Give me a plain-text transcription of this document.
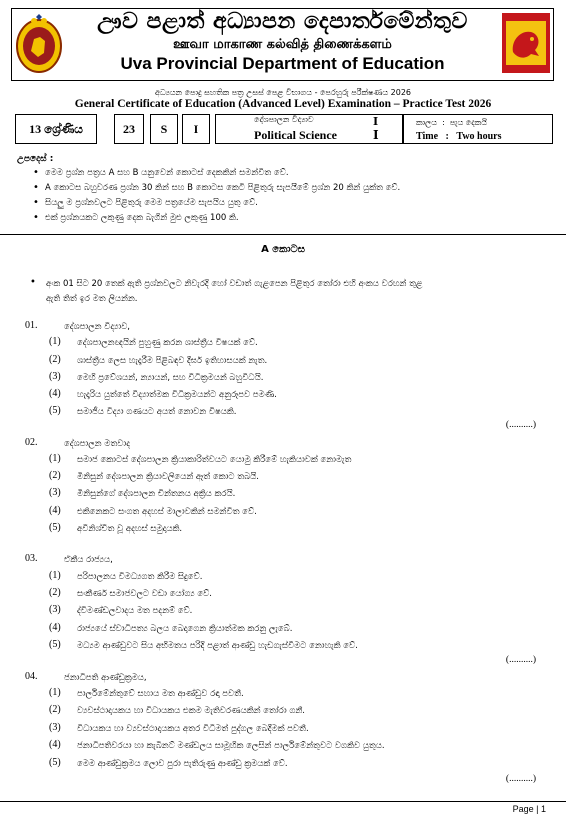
ඌව පළාත් අධ්‍යාපන දෙපාර්තමේන්තුව
ஊவா மாகாண கல்வித் திணைக்களம்
Uva Provincial Department of Education
අධ්‍යයන පොදු සහතික පත්‍ර උසස් පෙළ විභාගය - පෙරහුරු පරීක්ෂණය 2026
General Certificate of Education (Advanced Level) Examination – Practice Test 2026
13 ශ්‍රේණිය	23	S	I
දේශපාලන විද්‍යාව
Political Science
I
I
කාලය  :  පැය දෙකයි
Time   :   Two hours
උපදෙස් :
• මෙම ප්‍රශ්න පත්‍රය A සහ B යනුවෙන් කොටස් දෙකකින් සමන්විත වේ.
• A කොටස බහුවරණ ප්‍රශ්න 30 කින් සහ B කොටස කෙටි පිළිතුරු සැපයීමේ ප්‍රශ්න 20 කින් යුක්ත වේ.
• සියලු ම ප්‍රශ්නවලට පිළිතුරු මෙම පත්‍රයේම සැපයිය යුතු වේ.
• එක් ප්‍රශ්නයකට ලකුණු දෙක බැගින් මුළු ලකුණු 100 කි.
A කොටස
• අංක 01 සිට 20 තෙක් ඇති ප්‍රශ්නවලට නිවැරදි හෝ වඩාත් ගැළපෙන පිළිතුර තෝරා එහි අංකය වරහන් තුළ
ඇති තිත් ඉර මත ලියන්න.
01.	දේශපාලන විද්‍යාව,
(1) දේශපාලනඥයින් පුහුණු කරන ශාස්ත්‍රීය විෂයක් වේ.
(2) ශාස්ත්‍රීය ලෙස හැදෑරීම පිළිබඳව දීර්ඝ ඉතිහාසයක් නැත.
(3) මෙහි ප්‍රවේශයන්, න්‍යායන්, සහ විධික්‍රමයන් බහුවිධයි.
(4) හැදෑරිය යුත්තේ විද්‍යාත්මක විධික්‍රමයන්ට අනුරූපව පමණි.
(5) සමාජීය විද්‍යා ගණයට අයත් නොවන විෂයකි.
(..........)
02.	දේශපාලන මතවාද
(1) සමාජ කොටස් දේශපාලන ක්‍රියාකාරිත්වයට යොමු කිරීමේ හැකියාවක් නොමැත
(2) මිනිසුන් දේශපාලන ක්‍රියාවලියෙන් ඈත් කොට තබයි.
(3) මිනිසුන්ගේ දේශපාලන චින්තනය අක්‍රිය කරයි.
(4) එකිනෙකට සංගත අදහස් මාලාවකින් සමන්විත වේ.
(5) අවිනිශ්චිත වූ අදහස් සමුදායකි.
03.	ඒකීය රාජ්‍යය,
(1) පරිපාලනය විමධ්‍යගත කිරීම සිදුවේ.
(2) සංකීර්ණ සමාජවලට වඩා යෝග්‍ය වේ.
(3) ද්විමණ්ඩලවාදය මත පදනම් වේ.
(4) රාජ්‍යයේ ස්වාධිපත්‍ය බලය බෙදාගෙන ක්‍රියාත්මක කරනු ලැබේ.
(5) මධ්‍යම ආණ්ඩුවට සිය අභිමතය පරිදි පළාත් ආණ්ඩු හැඩගැස්වීමට නොහැකි වේ.
(..........)
04.	ජනාධිපති ආණ්ඩුක්‍රමය,
(1) පාර්ලිමේන්තුවේ සහාය මත ආණ්ඩුව රඳා පවතී.
(2) ව්‍යවස්ථාදායකය හා විධායකය එකම මැතිවරණයකින් තෝරා ගනී.
(3) විධායකය හා ව්‍යවස්ථාදායකය අතර විධිමත් පුද්ගල බෙදීමක් පවතී.
(4) ජනාධිපතිවරයා හා කැබිනට් මණ්ඩලය සාමූහික ලෙසින් පාර්ලිමේන්තුවට වගකිව යුතුය.
(5) මෙම ආණ්ඩුක්‍රමය ලොව පුරා පැතිරුණු ආණ්ඩු ක්‍රමයක් වේ.
(..........)
Page | 1
